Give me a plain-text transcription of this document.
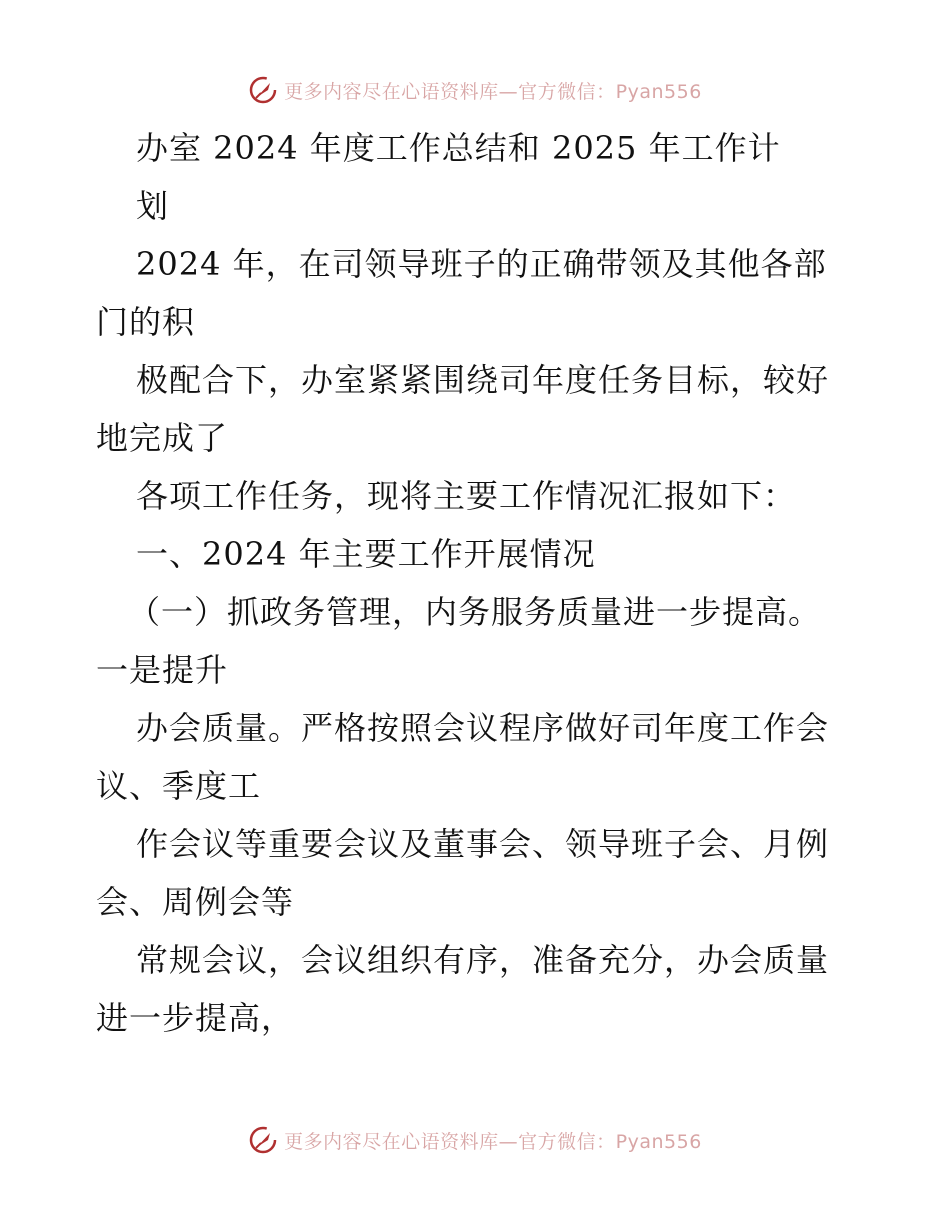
更多内容尽在心语资料库—官方微信：Pyan556
办室 2024 年度工作总结和 2025 年工作计
划
2024 年，在司领导班子的正确带领及其他各部
门的积
极配合下，办室紧紧围绕司年度任务目标，较好
地完成了
各项工作任务，现将主要工作情况汇报如下：
一、2024 年主要工作开展情况
（一）抓政务管理，内务服务质量进一步提高。
一是提升
办会质量。严格按照会议程序做好司年度工作会
议、季度工
作会议等重要会议及董事会、领导班子会、月例
会、周例会等
常规会议，会议组织有序，准备充分，办会质量
进一步提高，
更多内容尽在心语资料库—官方微信：Pyan556
